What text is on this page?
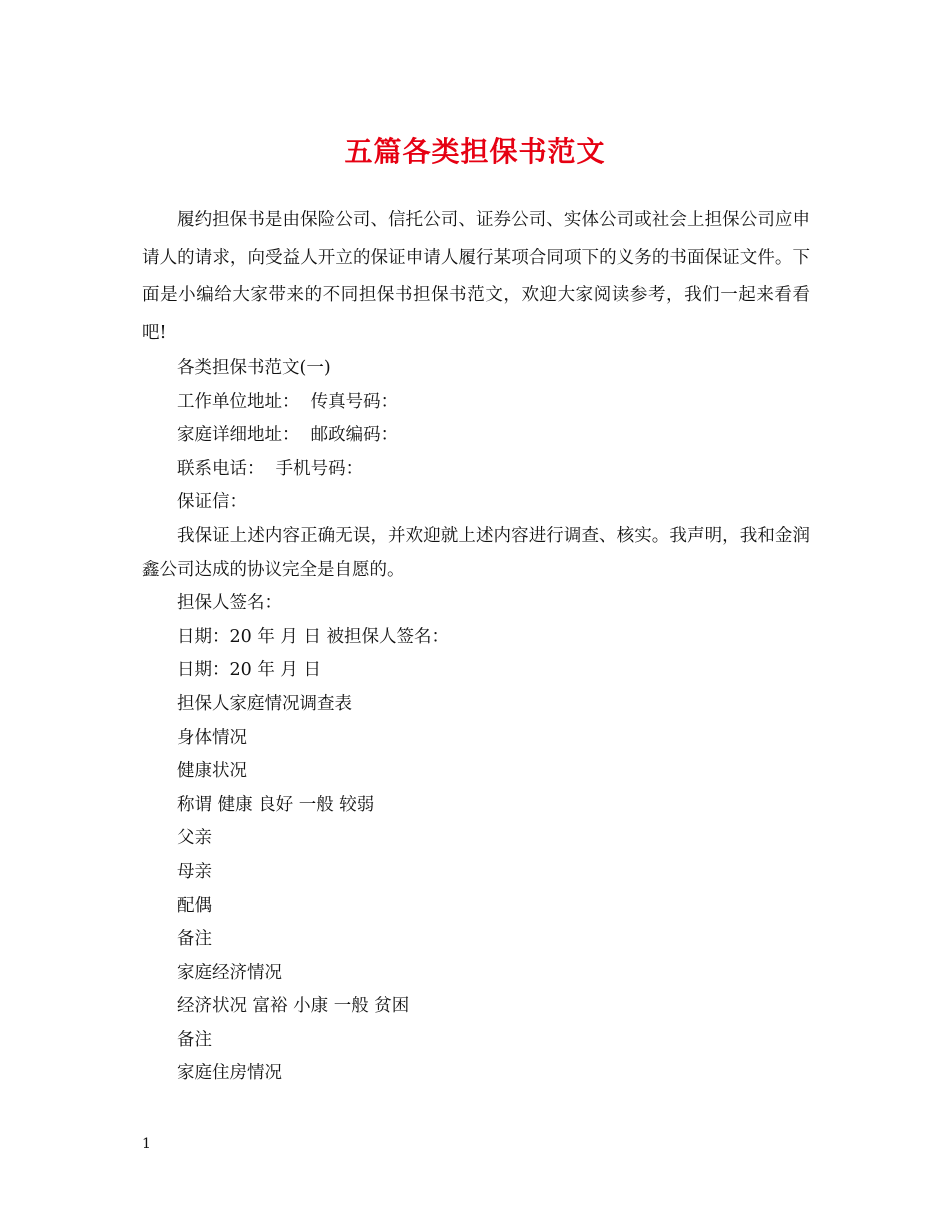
五篇各类担保书范文

履约担保书是由保险公司、信托公司、证券公司、实体公司或社会上担保公司应申请人的请求，向受益人开立的保证申请人履行某项合同项下的义务的书面保证文件。下面是小编给大家带来的不同担保书担保书范文，欢迎大家阅读参考，我们一起来看看吧!

各类担保书范文(一)

工作单位地址：  传真号码：

家庭详细地址：  邮政编码：

联系电话：  手机号码：

保证信：

我保证上述内容正确无误，并欢迎就上述内容进行调查、核实。我声明，我和金润鑫公司达成的协议完全是自愿的。

担保人签名：

日期：20 年 月 日 被担保人签名：

日期：20 年 月 日

担保人家庭情况调查表

身体情况

健康状况

称谓 健康 良好 一般 较弱

父亲

母亲

配偶

备注

家庭经济情况

经济状况 富裕 小康 一般 贫困

备注

家庭住房情况

1
